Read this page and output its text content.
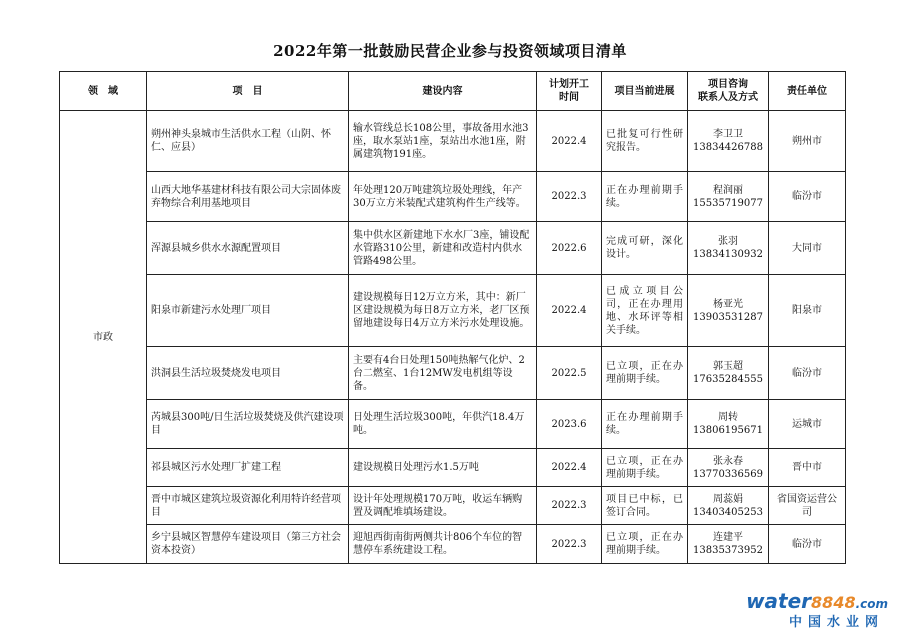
2022年第一批鼓励民营企业参与投资领域项目清单
领　域	项　目	建设内容	计划开工
时间	项目当前进展	项目咨询
联系人及方式	责任单位
市政	朔州神头泉城市生活供水工程（山阴、怀仁、应县）	输水管线总长108公里，事故备用水池3座，取水泵站1座，泵站出水池1座，附属建筑物191座。	2022.4	已批复可行性研究报告。	李卫卫
13834426788	朔州市
	山西大地华基建材科技有限公司大宗固体废弃物综合利用基地项目	年处理120万吨建筑垃圾处理线，年产30万立方米装配式建筑构件生产线等。	2022.3	正在办理前期手续。	程润丽
15535719077	临汾市
	浑源县城乡供水水源配置项目	集中供水区新建地下水水厂3座，铺设配水管路310公里，新建和改造村内供水管路498公里。	2022.6	完成可研，深化设计。	张羽
13834130932	大同市
	阳泉市新建污水处理厂项目	建设规模每日12万立方米，其中：新厂区建设规模为每日8万立方米，老厂区预留地建设每日4万立方米污水处理设施。	2022.4	已成立项目公司，正在办理用地、水环评等相关手续。	杨亚光
13903531287	阳泉市
	洪洞县生活垃圾焚烧发电项目	主要有4台日处理150吨热解气化炉、2台二燃室、1台12MW发电机组等设备。	2022.5	已立项，正在办理前期手续。	郭玉超
17635284555	临汾市
	芮城县300吨/日生活垃圾焚烧及供汽建设项目	日处理生活垃圾300吨，年供汽18.4万吨。	2023.6	正在办理前期手续。	周转
13806195671	运城市
	祁县城区污水处理厂扩建工程	建设规模日处理污水1.5万吨	2022.4	已立项，正在办理前期手续。	张永春
13770336569	晋中市
	晋中市城区建筑垃圾资源化利用特许经营项目	设计年处理规模170万吨，收运车辆购置及调配堆填场建设。	2022.3	项目已中标，已签订合同。	周蕊娟
13403405253	省国资运营公司
	乡宁县城区智慧停车建设项目（第三方社会资本投资）	迎旭西街南街两侧共计806个车位的智慧停车系统建设工程。	2022.3	已立项，正在办理前期手续。	连建平
13835373952	临汾市
water8848.com
中国水业网
